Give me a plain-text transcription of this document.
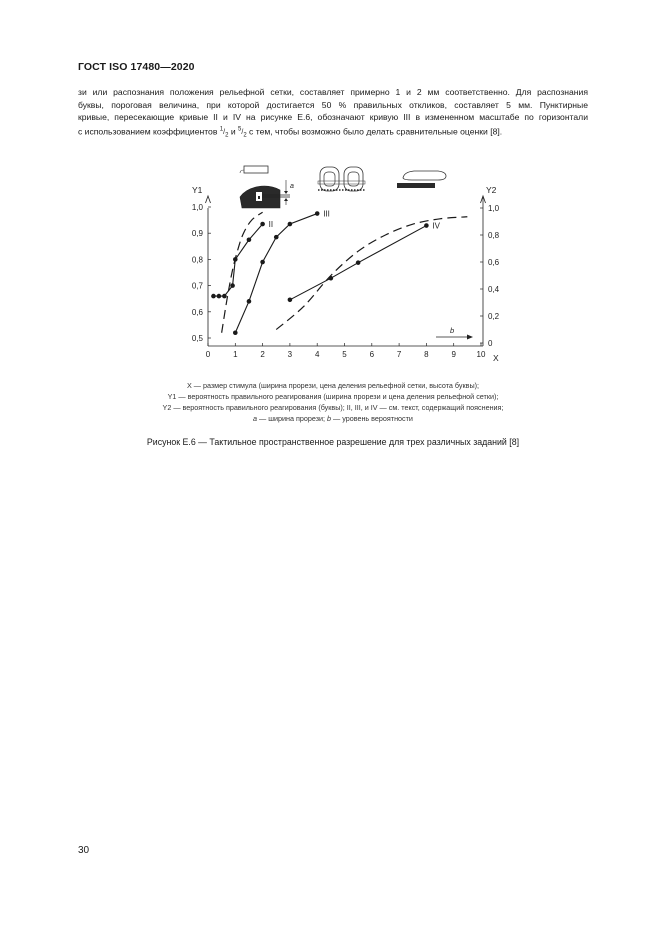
ГОСТ ISO 17480—2020

зи или распознания положения рельефной сетки, составляет примерно 1 и 2 мм соответственно. Для распознания

буквы, пороговая величина, при которой достигается 50 % правильных откликов, составляет 5 мм. Пунктирные

кривые, пересекающие кривые II и IV на рисунке Е.6, обозначают кривую III в измененном масштабе по горизонтали

с использованием коэффициентов $^1/_2$ и $^5/_2$ с тем, чтобы возможно было делать сравнительные оценки [8].

a
0	1	2	3	4	5	6	7	8	9	10
0,5
0,6
0,7
0,8
0,9
1,0
0
0,2
0,4
0,6
0,8
1,0
Y1	Y2
X
II
III
IV
b
X — размер стимула (ширина прорези, цена деления рельефной сетки, высота буквы);
Y1 — вероятность правильного реагирования (ширина прорези и цена деления рельефной сетки);
Y2 — вероятность правильного реагирования (буквы); II, III, и IV — см. текст, содержащий пояснения;
a — ширина прорези; b — уровень вероятности
Рисунок Е.6 — Тактильное пространственное разрешение для трех различных заданий [8]
30
